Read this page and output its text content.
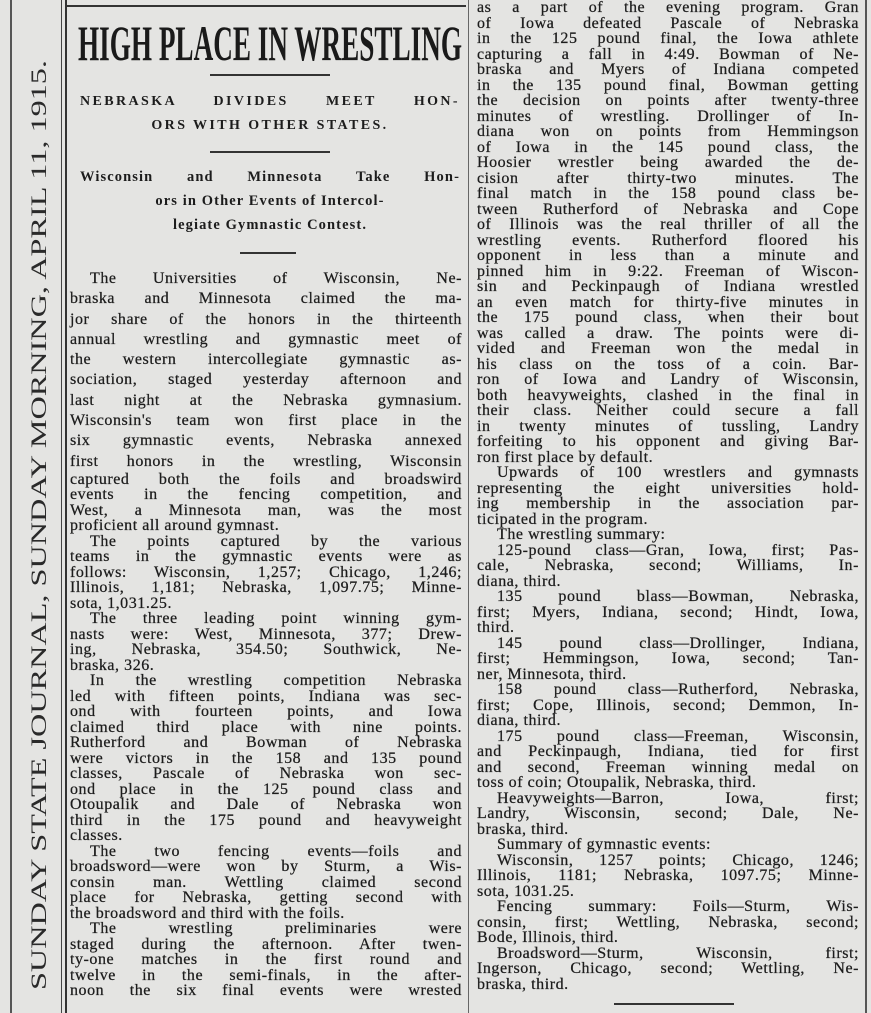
SUNDAY STATE JOURNAL, SUNDAY MORNING, APRIL 11, 1915.
HIGH PLACE IN WRESTLING
NEBRASKA DIVIDES MEET HON-
ORS WITH OTHER STATES.
Wisconsin and Minnesota Take Hon-
ors in Other Events of Intercol-
legiate Gymnastic Contest.
The Universities of Wisconsin, Ne-
braska and Minnesota claimed the ma-
jor share of the honors in the thirteenth
annual wrestling and gymnastic meet of
the western intercollegiate gymnastic as-
sociation, staged yesterday afternoon and
last night at the Nebraska gymnasium.
Wisconsin's team won first place in the
six gymnastic events, Nebraska annexed
first honors in the wrestling, Wisconsin
captured both the foils and broadswird
events in the fencing competition, and
West, a Minnesota man, was the most
proficient all around gymnast.
The points captured by the various
teams in the gymnastic events were as
follows: Wisconsin, 1,257; Chicago, 1,246;
Illinois, 1,181; Nebraska, 1,097.75; Minne-
sota, 1,031.25.
The three leading point winning gym-
nasts were: West, Minnesota, 377; Drew-
ing, Nebraska, 354.50; Southwick, Ne-
braska, 326.
In the wrestling competition Nebraska
led with fifteen points, Indiana was sec-
ond with fourteen points, and Iowa
claimed third place with nine points.
Rutherford and Bowman of Nebraska
were victors in the 158 and 135 pound
classes, Pascale of Nebraska won sec-
ond place in the 125 pound class and
Otoupalik and Dale of Nebraska won
third in the 175 pound and heavyweight
classes.
The two fencing events—foils and
broadsword—were won by Sturm, a Wis-
consin man. Wettling claimed second
place for Nebraska, getting second with
the broadsword and third with the foils.
The wrestling preliminaries were
staged during the afternoon. After twen-
ty-one matches in the first round and
twelve in the semi-finals, in the after-
noon the six final events were wrested
as a part of the evening program. Gran
of Iowa defeated Pascale of Nebraska
in the 125 pound final, the Iowa athlete
capturing a fall in 4:49. Bowman of Ne-
braska and Myers of Indiana competed
in the 135 pound final, Bowman getting
the decision on points after twenty-three
minutes of wrestling. Drollinger of In-
diana won on points from Hemmingson
of Iowa in the 145 pound class, the
Hoosier wrestler being awarded the de-
cision after thirty-two minutes. The
final match in the 158 pound class be-
tween Rutherford of Nebraska and Cope
of Illinois was the real thriller of all the
wrestling events. Rutherford floored his
opponent in less than a minute and
pinned him in 9:22. Freeman of Wiscon-
sin and Peckinpaugh of Indiana wrestled
an even match for thirty-five minutes in
the 175 pound class, when their bout
was called a draw. The points were di-
vided and Freeman won the medal in
his class on the toss of a coin. Bar-
ron of Iowa and Landry of Wisconsin,
both heavyweights, clashed in the final in
their class. Neither could secure a fall
in twenty minutes of tussling, Landry
forfeiting to his opponent and giving Bar-
ron first place by default.
Upwards of 100 wrestlers and gymnasts
representing the eight universities hold-
ing membership in the association par-
ticipated in the program.
The wrestling summary:
125-pound class—Gran, Iowa, first; Pas-
cale, Nebraska, second; Williams, In-
diana, third.
135 pound blass—Bowman, Nebraska,
first; Myers, Indiana, second; Hindt, Iowa,
third.
145 pound class—Drollinger, Indiana,
first; Hemmingson, Iowa, second; Tan-
ner, Minnesota, third.
158 pound class—Rutherford, Nebraska,
first; Cope, Illinois, second; Demmon, In-
diana, third.
175 pound class—Freeman, Wisconsin,
and Peckinpaugh, Indiana, tied for first
and second, Freeman winning medal on
toss of coin; Otoupalik, Nebraska, third.
Heavyweights—Barron, Iowa, first;
Landry, Wisconsin, second; Dale, Ne-
braska, third.
Summary of gymnastic events:
Wisconsin, 1257 points; Chicago, 1246;
Illinois, 1181; Nebraska, 1097.75; Minne-
sota, 1031.25.
Fencing summary: Foils—Sturm, Wis-
consin, first; Wettling, Nebraska, second;
Bode, Illinois, third.
Broadsword—Sturm, Wisconsin, first;
Ingerson, Chicago, second; Wettling, Ne-
braska, third.
